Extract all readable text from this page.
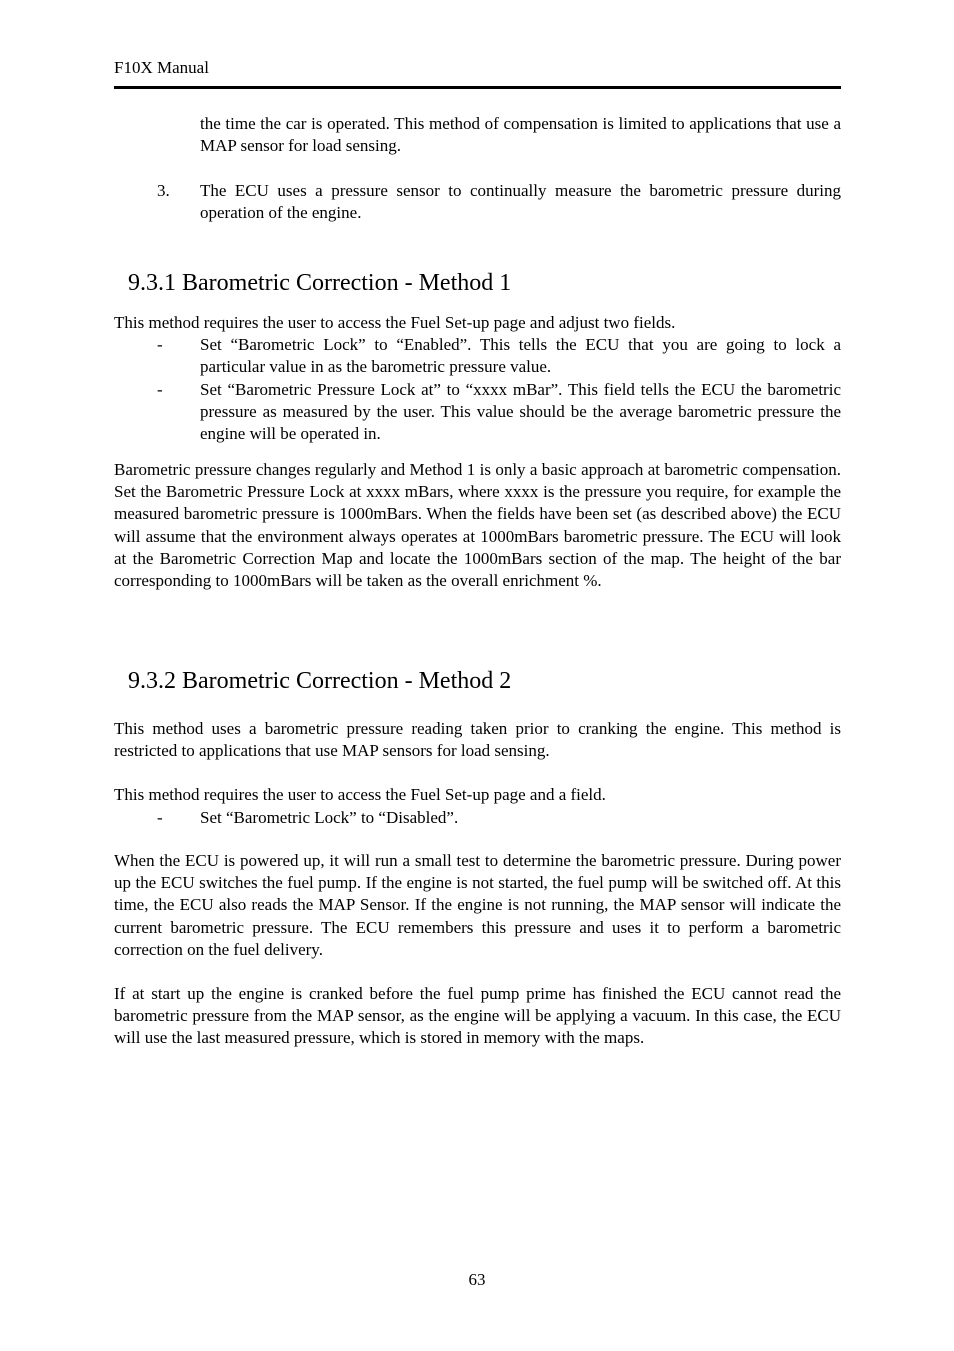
F10X Manual
the time the car is operated. This method of compensation is limited to applications that use a MAP sensor for load sensing.
3. The ECU uses a pressure sensor to continually measure the barometric pressure during operation of the engine.
9.3.1 Barometric Correction - Method 1
This method requires the user to access the Fuel Set-up page and adjust two fields.
- Set “Barometric Lock” to “Enabled”. This tells the ECU that you are going to lock a particular value in as the barometric pressure value.
- Set “Barometric Pressure Lock at” to “xxxx mBar”. This field tells the ECU the barometric pressure as measured by the user. This value should be the average barometric pressure the engine will be operated in.
Barometric pressure changes regularly and Method 1 is only a basic approach at barometric compensation. Set the Barometric Pressure Lock at xxxx mBars, where xxxx is the pressure you require, for example the measured barometric pressure is 1000mBars. When the fields have been set (as described above) the ECU will assume that the environment always operates at 1000mBars barometric pressure. The ECU will look at the Barometric Correction Map and locate the 1000mBars section of the map. The height of the bar corresponding to 1000mBars will be taken as the overall enrichment %.
9.3.2 Barometric Correction - Method 2
This method uses a barometric pressure reading taken prior to cranking the engine. This method is restricted to applications that use MAP sensors for load sensing.
This method requires the user to access the Fuel Set-up page and a field.
- Set “Barometric Lock” to “Disabled”.
When the ECU is powered up, it will run a small test to determine the barometric pressure. During power up the ECU switches the fuel pump. If the engine is not started, the fuel pump will be switched off. At this time, the ECU also reads the MAP Sensor. If the engine is not running, the MAP sensor will indicate the current barometric pressure. The ECU remembers this pressure and uses it to perform a barometric correction on the fuel delivery.
If at start up the engine is cranked before the fuel pump prime has finished the ECU cannot read the barometric pressure from the MAP sensor, as the engine will be applying a vacuum. In this case, the ECU will use the last measured pressure, which is stored in memory with the maps.
63
